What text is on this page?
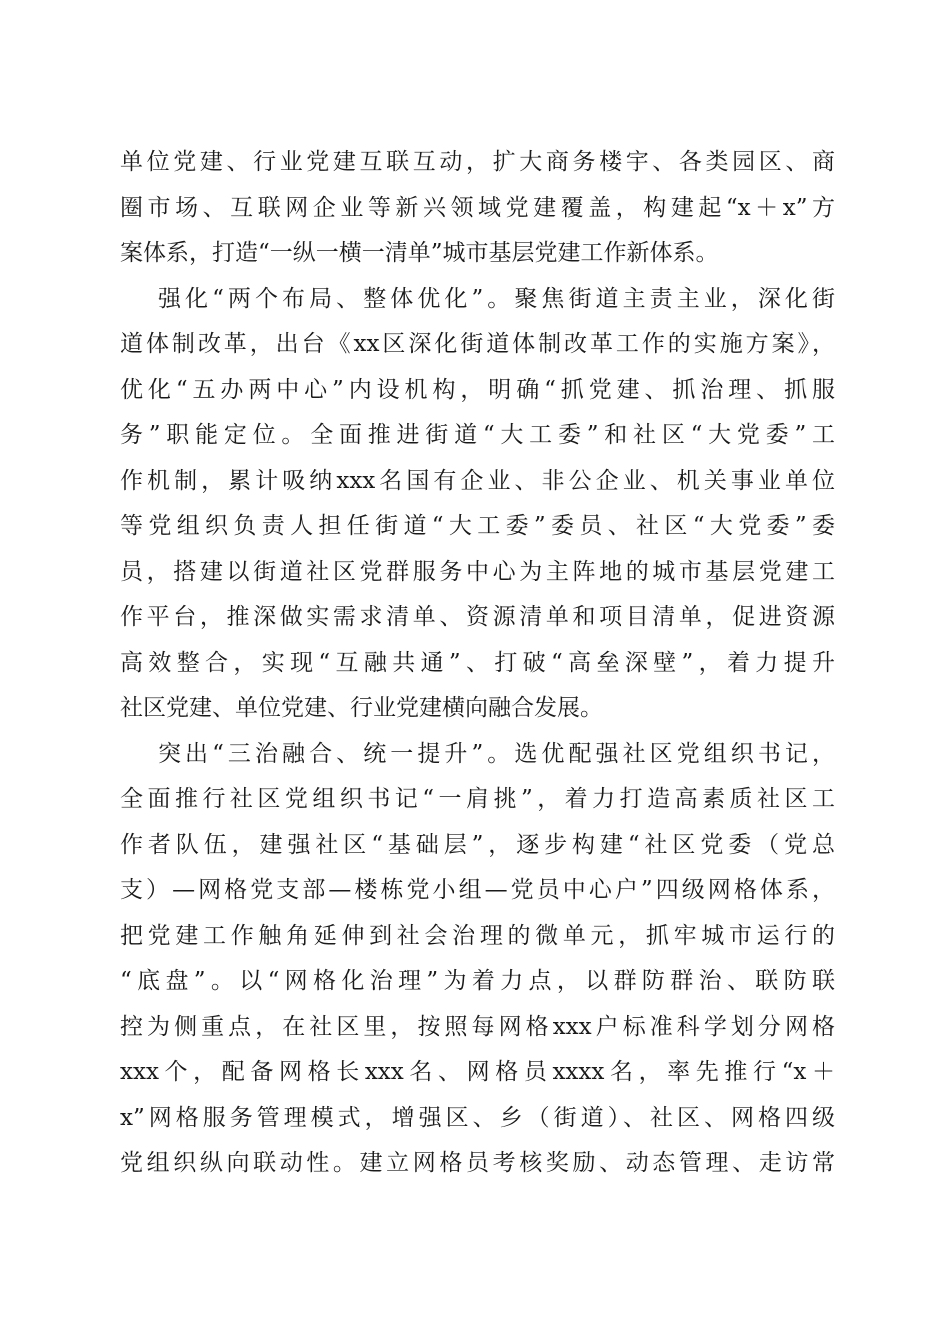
单位党建、行业党建互联互动，扩大商务楼宇、各类园区、商

圈市场、互联网企业等新兴领域党建覆盖，构建起“x＋x”方

案体系，打造“一纵一横一清单”城市基层党建工作新体系。

强化“两个布局、整体优化”。聚焦街道主责主业，深化街

道体制改革，出台《xx区深化街道体制改革工作的实施方案》，

优化“五办两中心”内设机构，明确“抓党建、抓治理、抓服

务”职能定位。全面推进街道“大工委”和社区“大党委”工

作机制，累计吸纳xxx名国有企业、非公企业、机关事业单位

等党组织负责人担任街道“大工委”委员、社区“大党委”委

员，搭建以街道社区党群服务中心为主阵地的城市基层党建工

作平台，推深做实需求清单、资源清单和项目清单，促进资源

高效整合，实现“互融共通”、打破“高垒深壁”，着力提升

社区党建、单位党建、行业党建横向融合发展。

突出“三治融合、统一提升”。选优配强社区党组织书记，

全面推行社区党组织书记“一肩挑”，着力打造高素质社区工

作者队伍，建强社区“基础层”，逐步构建“社区党委（党总

支）—网格党支部—楼栋党小组—党员中心户”四级网格体系，

把党建工作触角延伸到社会治理的微单元，抓牢城市运行的

“底盘”。以“网格化治理”为着力点，以群防群治、联防联

控为侧重点，在社区里，按照每网格xxx户标准科学划分网格

xxx个，配备网格长xxx名、网格员xxxx名，率先推行“x＋

x”网格服务管理模式，增强区、乡（街道）、社区、网格四级

党组织纵向联动性。建立网格员考核奖励、动态管理、走访常
